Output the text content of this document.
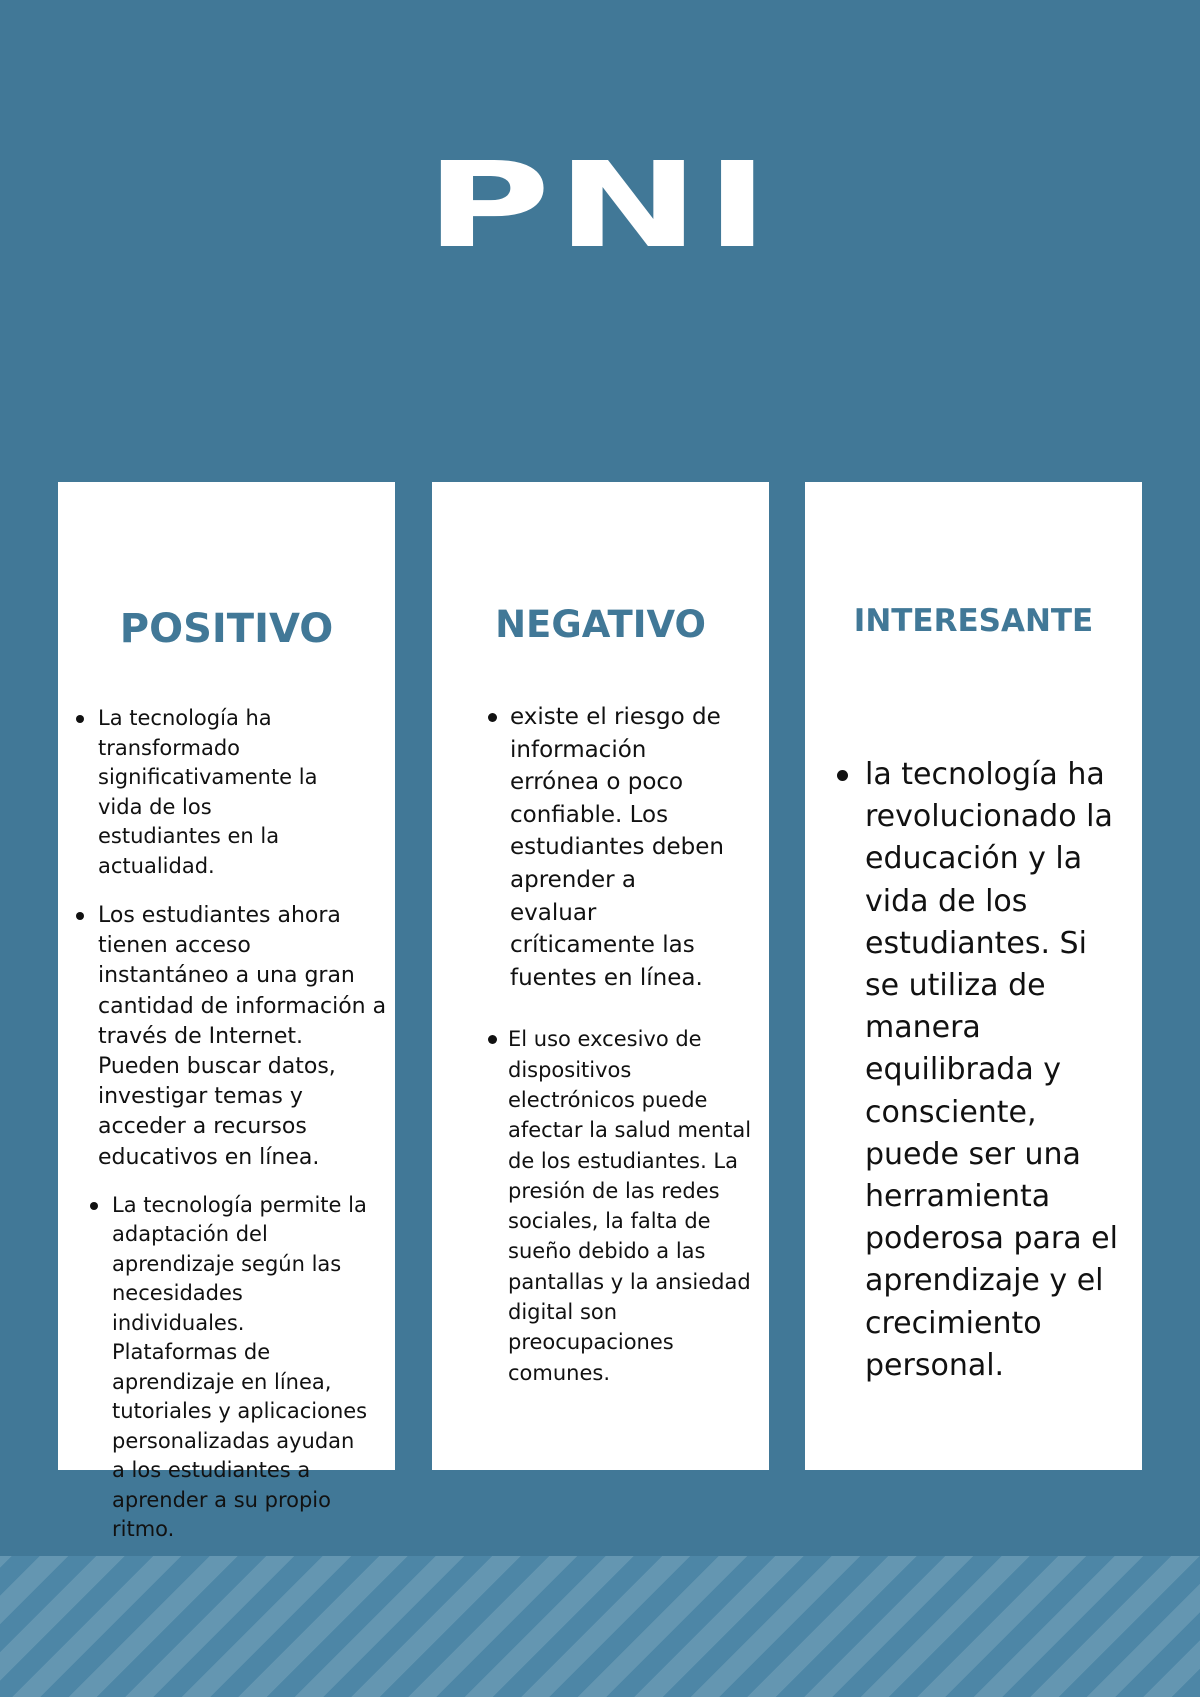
PNI
POSITIVO
La tecnología ha transformado significativamente la vida de los estudiantes en la actualidad.
Los estudiantes ahora tienen acceso instantáneo a una gran cantidad de información a través de Internet. Pueden buscar datos, investigar temas y acceder a recursos educativos en línea.
La tecnología permite la adaptación del aprendizaje según las necesidades individuales. Plataformas de aprendizaje en línea, tutoriales y aplicaciones personalizadas ayudan a los estudiantes a aprender a su propio ritmo.
NEGATIVO
existe el riesgo de información errónea o poco confiable. Los estudiantes deben aprender a evaluar críticamente las fuentes en línea.
El uso excesivo de dispositivos electrónicos puede afectar la salud mental de los estudiantes. La presión de las redes sociales, la falta de sueño debido a las pantallas y la ansiedad digital son preocupaciones comunes.
INTERESANTE
la tecnología ha revolucionado la educación y la vida de los estudiantes. Si se utiliza de manera equilibrada y consciente, puede ser una herramienta poderosa para el aprendizaje y el crecimiento personal.
